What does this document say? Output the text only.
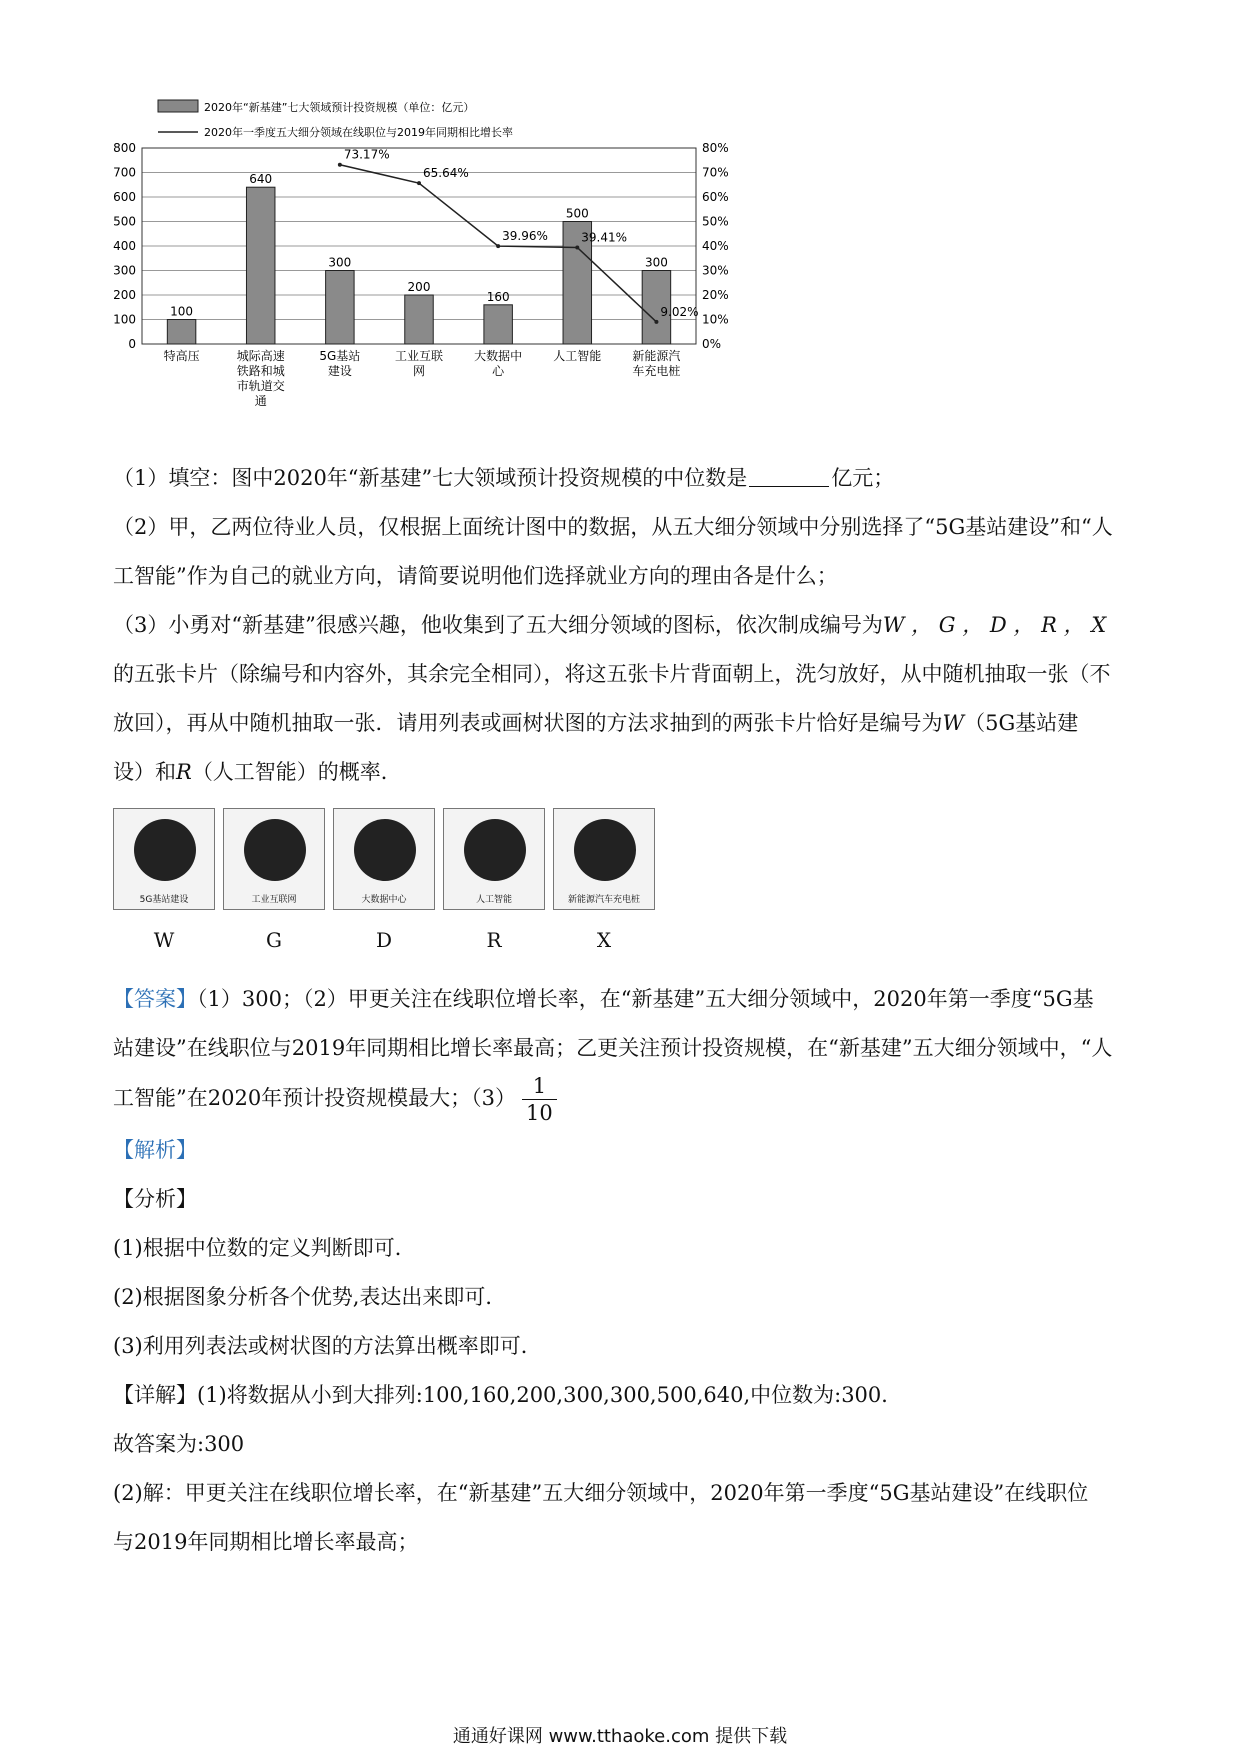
2020年“新基建”七大领域预计投资规模（单位：亿元）
2020年一季度五大细分领域在线职位与2019年同期相比增长率
0
100
200
300
400
500
600
700
800
0%
10%
20%
30%
40%
50%
60%
70%
80%
100
640
300
200
160
500
300
73.17%
65.64%
39.96%	39.41%
9.02%
特高压	城际高速
铁路和城
市轨道交
通
5G基站
建设
工业互联
网
大数据中
心
人工智能	新能源汽
车充电桩
（1）填空：图中2020年“新基建”七大领域预计投资规模的中位数是	亿元；
（2）甲，乙两位待业人员，仅根据上面统计图中的数据，从五大细分领域中分别选择了“5G基站建设”和“人
工智能”作为自己的就业方向，请简要说明他们选择就业方向的理由各是什么；
（3）小勇对“新基建”很感兴趣，他收集到了五大细分领域的图标，依次制成编号为W ， G ， D ， R ， X
的五张卡片（除编号和内容外，其余完全相同），将这五张卡片背面朝上，洗匀放好，从中随机抽取一张（不
放回），再从中随机抽取一张．请用列表或画树状图的方法求抽到的两张卡片恰好是编号为W（5G基站建
设）和R（人工智能）的概率．
5G基站建设	工业互联网	大数据中心	人工智能	新能源汽车充电桩
W	G	D	R	X
【答案】（1）300；（2）甲更关注在线职位增长率，在“新基建”五大细分领域中，2020年第一季度“5G基
站建设”在线职位与2019年同期相比增长率最高；乙更关注预计投资规模，在“新基建”五大细分领域中，“人
工智能”在2020年预计投资规模最大；$(3) \frac{1}{10}$
【解析】
【分析】
(1)根据中位数的定义判断即可．
(2)根据图象分析各个优势,表达出来即可．
(3)利用列表法或树状图的方法算出概率即可．
【详解】(1)将数据从小到大排列:100,160,200,300,300,500,640,中位数为:300．
故答案为:300
(2)解：甲更关注在线职位增长率，在“新基建”五大细分领域中，2020年第一季度“5G基站建设”在线职位
与2019年同期相比增长率最高；
通通好课网 www.tthaoke.com 提供下载
